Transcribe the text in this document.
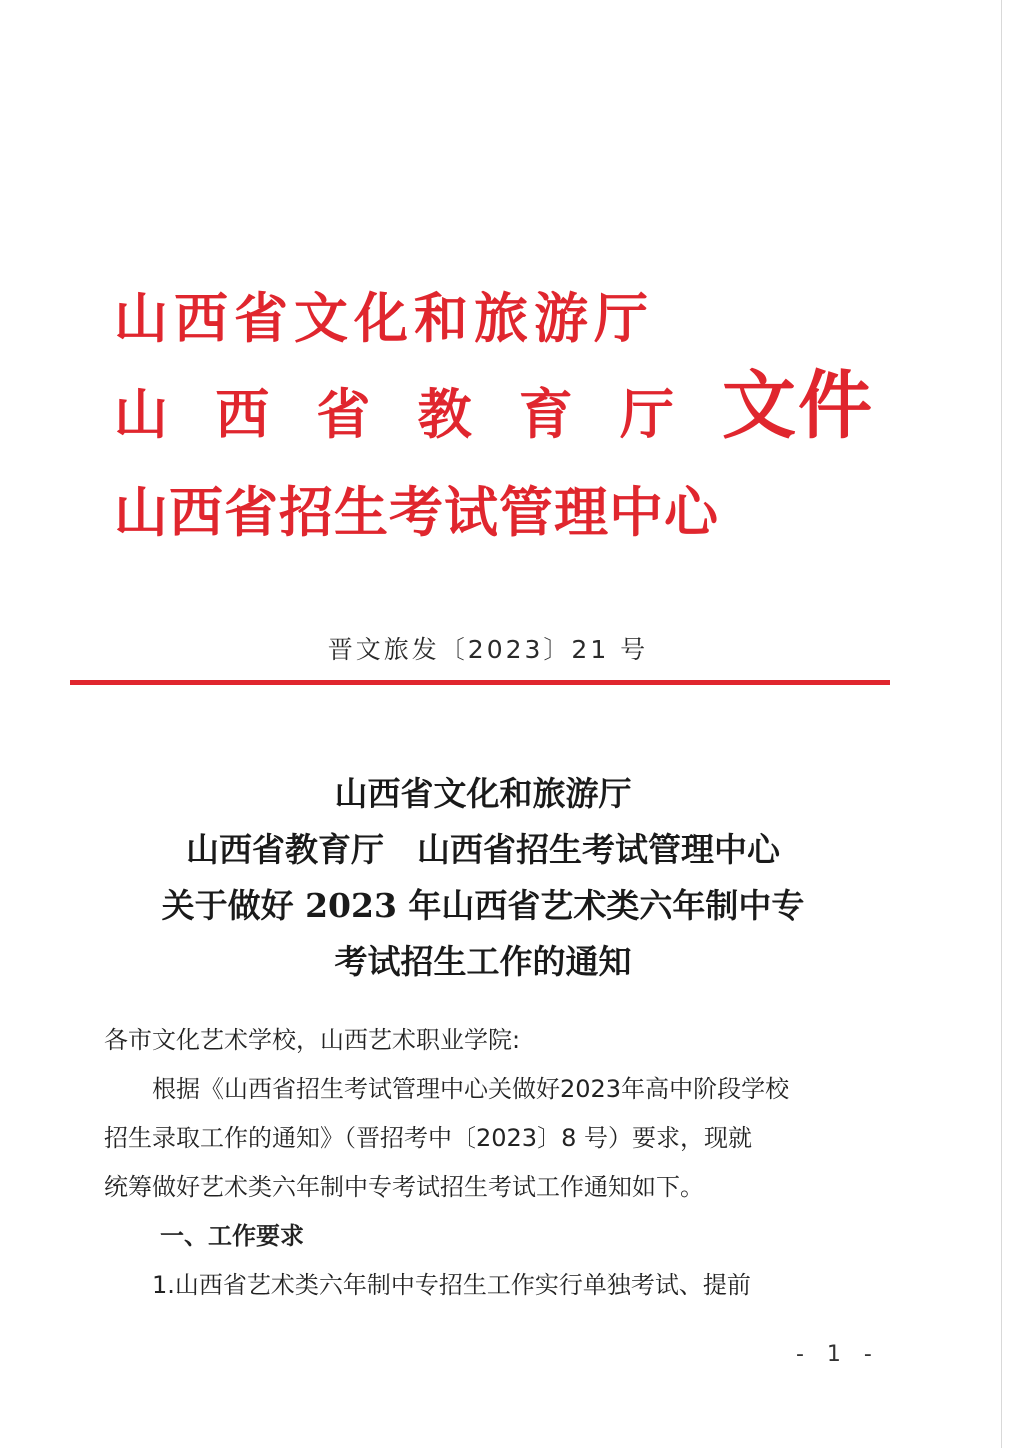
山西省文化和旅游厅
山 西 省 教 育 厅
山西省招生考试管理中心
文件
晋文旅发〔2023〕21 号
山西省文化和旅游厅
山西省教育厅　山西省招生考试管理中心
关于做好 2023 年山西省艺术类六年制中专
考试招生工作的通知
各市文化艺术学校，山西艺术职业学院:
根据《山西省招生考试管理中心关做好2023年高中阶段学校
招生录取工作的通知》（晋招考中〔2023〕8 号）要求，现就
统筹做好艺术类六年制中专考试招生考试工作通知如下。
一、工作要求
1.山西省艺术类六年制中专招生工作实行单独考试、提前
- 1 -
